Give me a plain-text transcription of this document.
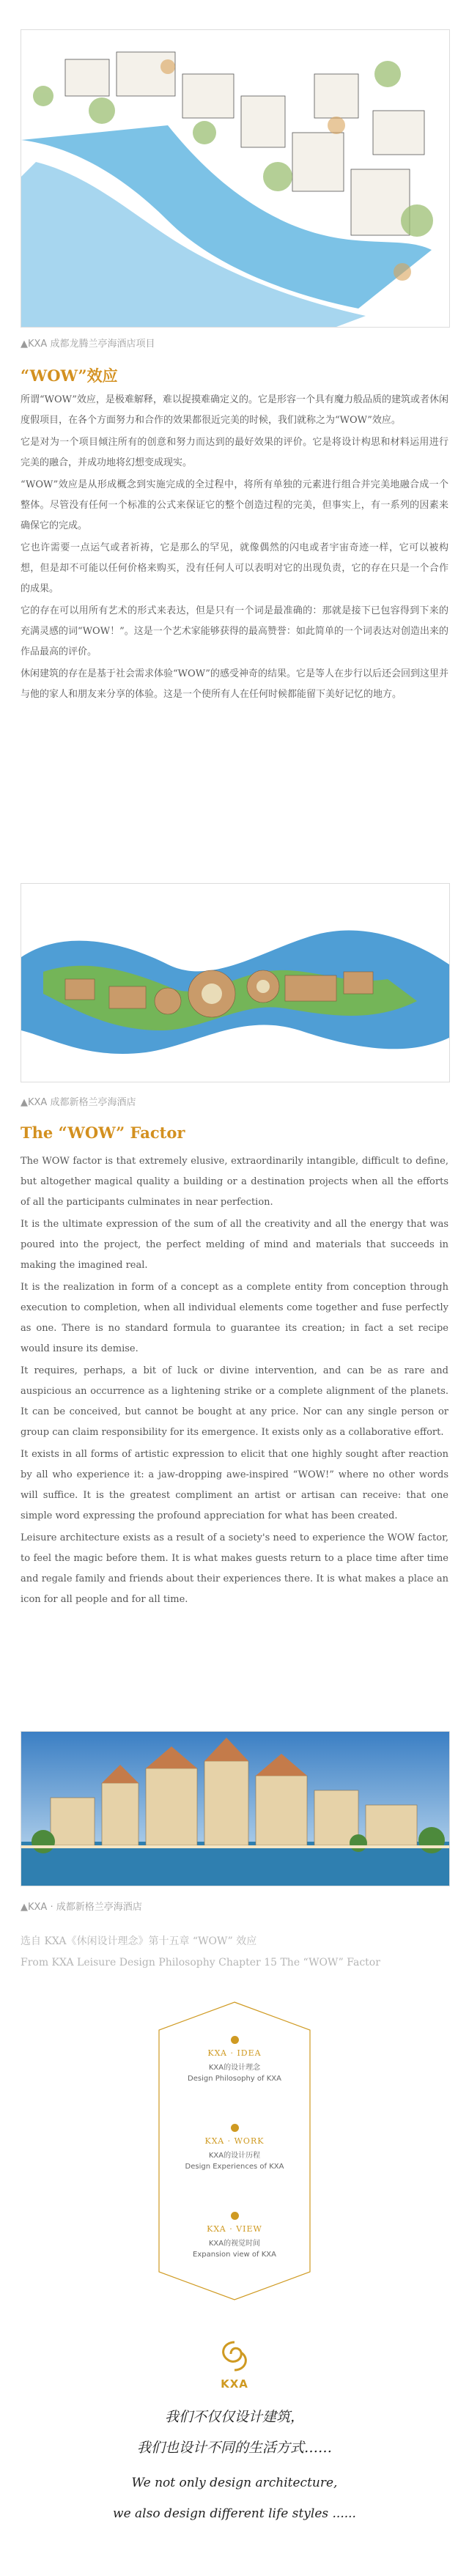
▲KXA 成都龙腾兰亭海酒店项目
“WOW”效应

所谓“WOW”效应，是极难解释，难以捉摸难确定义的。它是形容一个具有魔力般品质的建筑或者休闲度假项目，在各个方面努力和合作的效果都很近完美的时候，我们就称之为“WOW”效应。

它是对为一个项目倾注所有的创意和努力而达到的最好效果的评价。它是将设计构思和材料运用进行完美的融合，并成功地将幻想变成现实。

“WOW”效应是从形成概念到实施完成的全过程中，将所有单独的元素进行组合并完美地融合成一个整体。尽管没有任何一个标准的公式来保证它的整个创造过程的完美，但事实上，有一系列的因素来确保它的完成。

它也许需要一点运气或者祈祷，它是那么的罕见，就像偶然的闪电或者宇宙奇迹一样，它可以被构想，但是却不可能以任何价格来购买，没有任何人可以表明对它的出现负责，它的存在只是一个合作的成果。

它的存在可以用所有艺术的形式来表达，但是只有一个词是最准确的：那就是接下已包容得到下来的充满灵感的词“WOW！”。这是一个艺术家能够获得的最高赞誉：如此简单的一个词表达对创造出来的作品最高的评价。

休闲建筑的存在是基于社会需求体验“WOW”的感受神奇的结果。它是等人在步行以后还会回到这里并与他的家人和朋友来分享的体验。这是一个使所有人在任何时候都能留下美好记忆的地方。

▲KXA 成都新格兰亭海酒店
The “WOW” Factor

The WOW factor is that extremely elusive, extraordinarily intangible, difficult to define, but altogether magical quality a building or a destination projects when all the efforts of all the participants culminates in near perfection.

It is the ultimate expression of the sum of all the creativity and all the energy that was poured into the project, the perfect melding of mind and materials that succeeds in making the imagined real.

It is the realization in form of a concept as a complete entity from conception through execution to completion, when all individual elements come together and fuse perfectly as one. There is no standard formula to guarantee its creation; in fact a set recipe would insure its demise.

It requires, perhaps, a bit of luck or divine intervention, and can be as rare and auspicious an occurrence as a lightening strike or a complete alignment of the planets. It can be conceived, but cannot be bought at any price. Nor can any single person or group can claim responsibility for its emergence. It exists only as a collaborative effort.

It exists in all forms of artistic expression to elicit that one highly sought after reaction by all who experience it: a jaw-dropping awe-inspired “WOW!” where no other words will suffice. It is the greatest compliment an artist or artisan can receive: that one simple word expressing the profound appreciation for what has been created.

Leisure architecture exists as a result of a society's need to experience the WOW factor, to feel the magic before them. It is what makes guests return to a place time after time and regale family and friends about their experiences there. It is what makes a place an icon for all people and for all time.

▲KXA · 成都新格兰亭海酒店
选自 KXA《休闲设计理念》第十五章 “WOW” 效应
From KXA Leisure Design Philosophy Chapter 15 The “WOW” Factor
KXA · IDEA
KXA的设计理念
Design Philosophy of KXA
KXA · WORK
KXA的设计历程
Design Experiences of KXA
KXA · VIEW
KXA的视觉时间
Expansion view of KXA
KXA
我们不仅仅设计建筑，
我们也设计不同的生活方式……
We not only design architecture,
we also design different life styles ......
